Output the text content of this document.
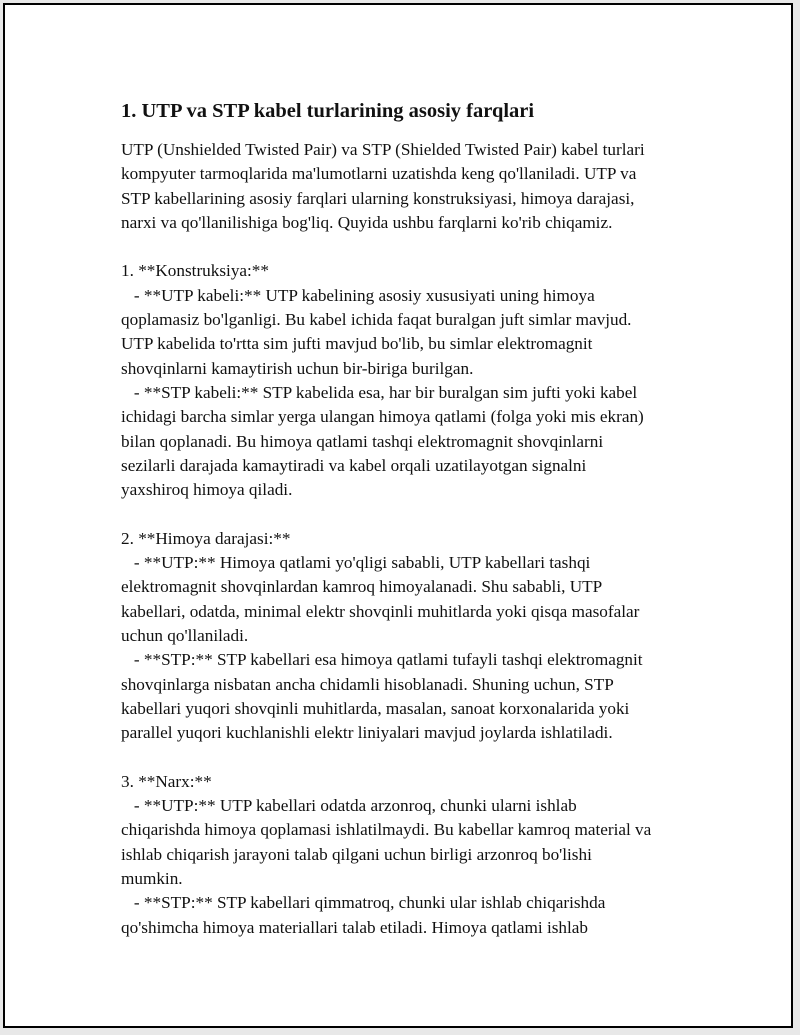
1. UTP va STP kabel turlarining asosiy farqlari
UTP (Unshielded Twisted Pair) va STP (Shielded Twisted Pair) kabel turlari
kompyuter tarmoqlarida ma'lumotlarni uzatishda keng qo'llaniladi. UTP va
STP kabellarining asosiy farqlari ularning konstruksiyasi, himoya darajasi,
narxi va qo'llanilishiga bog'liq. Quyida ushbu farqlarni ko'rib chiqamiz.
1. **Konstruksiya:**
- **UTP kabeli:** UTP kabelining asosiy xususiyati uning himoya
qoplamasiz bo'lganligi. Bu kabel ichida faqat buralgan juft simlar mavjud.
UTP kabelida to'rtta sim jufti mavjud bo'lib, bu simlar elektromagnit
shovqinlarni kamaytirish uchun bir-biriga burilgan.
- **STP kabeli:** STP kabelida esa, har bir buralgan sim jufti yoki kabel
ichidagi barcha simlar yerga ulangan himoya qatlami (folga yoki mis ekran)
bilan qoplanadi. Bu himoya qatlami tashqi elektromagnit shovqinlarni
sezilarli darajada kamaytiradi va kabel orqali uzatilayotgan signalni
yaxshiroq himoya qiladi.
2. **Himoya darajasi:**
- **UTP:** Himoya qatlami yo'qligi sababli, UTP kabellari tashqi
elektromagnit shovqinlardan kamroq himoyalanadi. Shu sababli, UTP
kabellari, odatda, minimal elektr shovqinli muhitlarda yoki qisqa masofalar
uchun qo'llaniladi.
- **STP:** STP kabellari esa himoya qatlami tufayli tashqi elektromagnit
shovqinlarga nisbatan ancha chidamli hisoblanadi. Shuning uchun, STP
kabellari yuqori shovqinli muhitlarda, masalan, sanoat korxonalarida yoki
parallel yuqori kuchlanishli elektr liniyalari mavjud joylarda ishlatiladi.
3. **Narx:**
- **UTP:** UTP kabellari odatda arzonroq, chunki ularni ishlab
chiqarishda himoya qoplamasi ishlatilmaydi. Bu kabellar kamroq material va
ishlab chiqarish jarayoni talab qilgani uchun birligi arzonroq bo'lishi
mumkin.
- **STP:** STP kabellari qimmatroq, chunki ular ishlab chiqarishda
qo'shimcha himoya materiallari talab etiladi. Himoya qatlami ishlab
